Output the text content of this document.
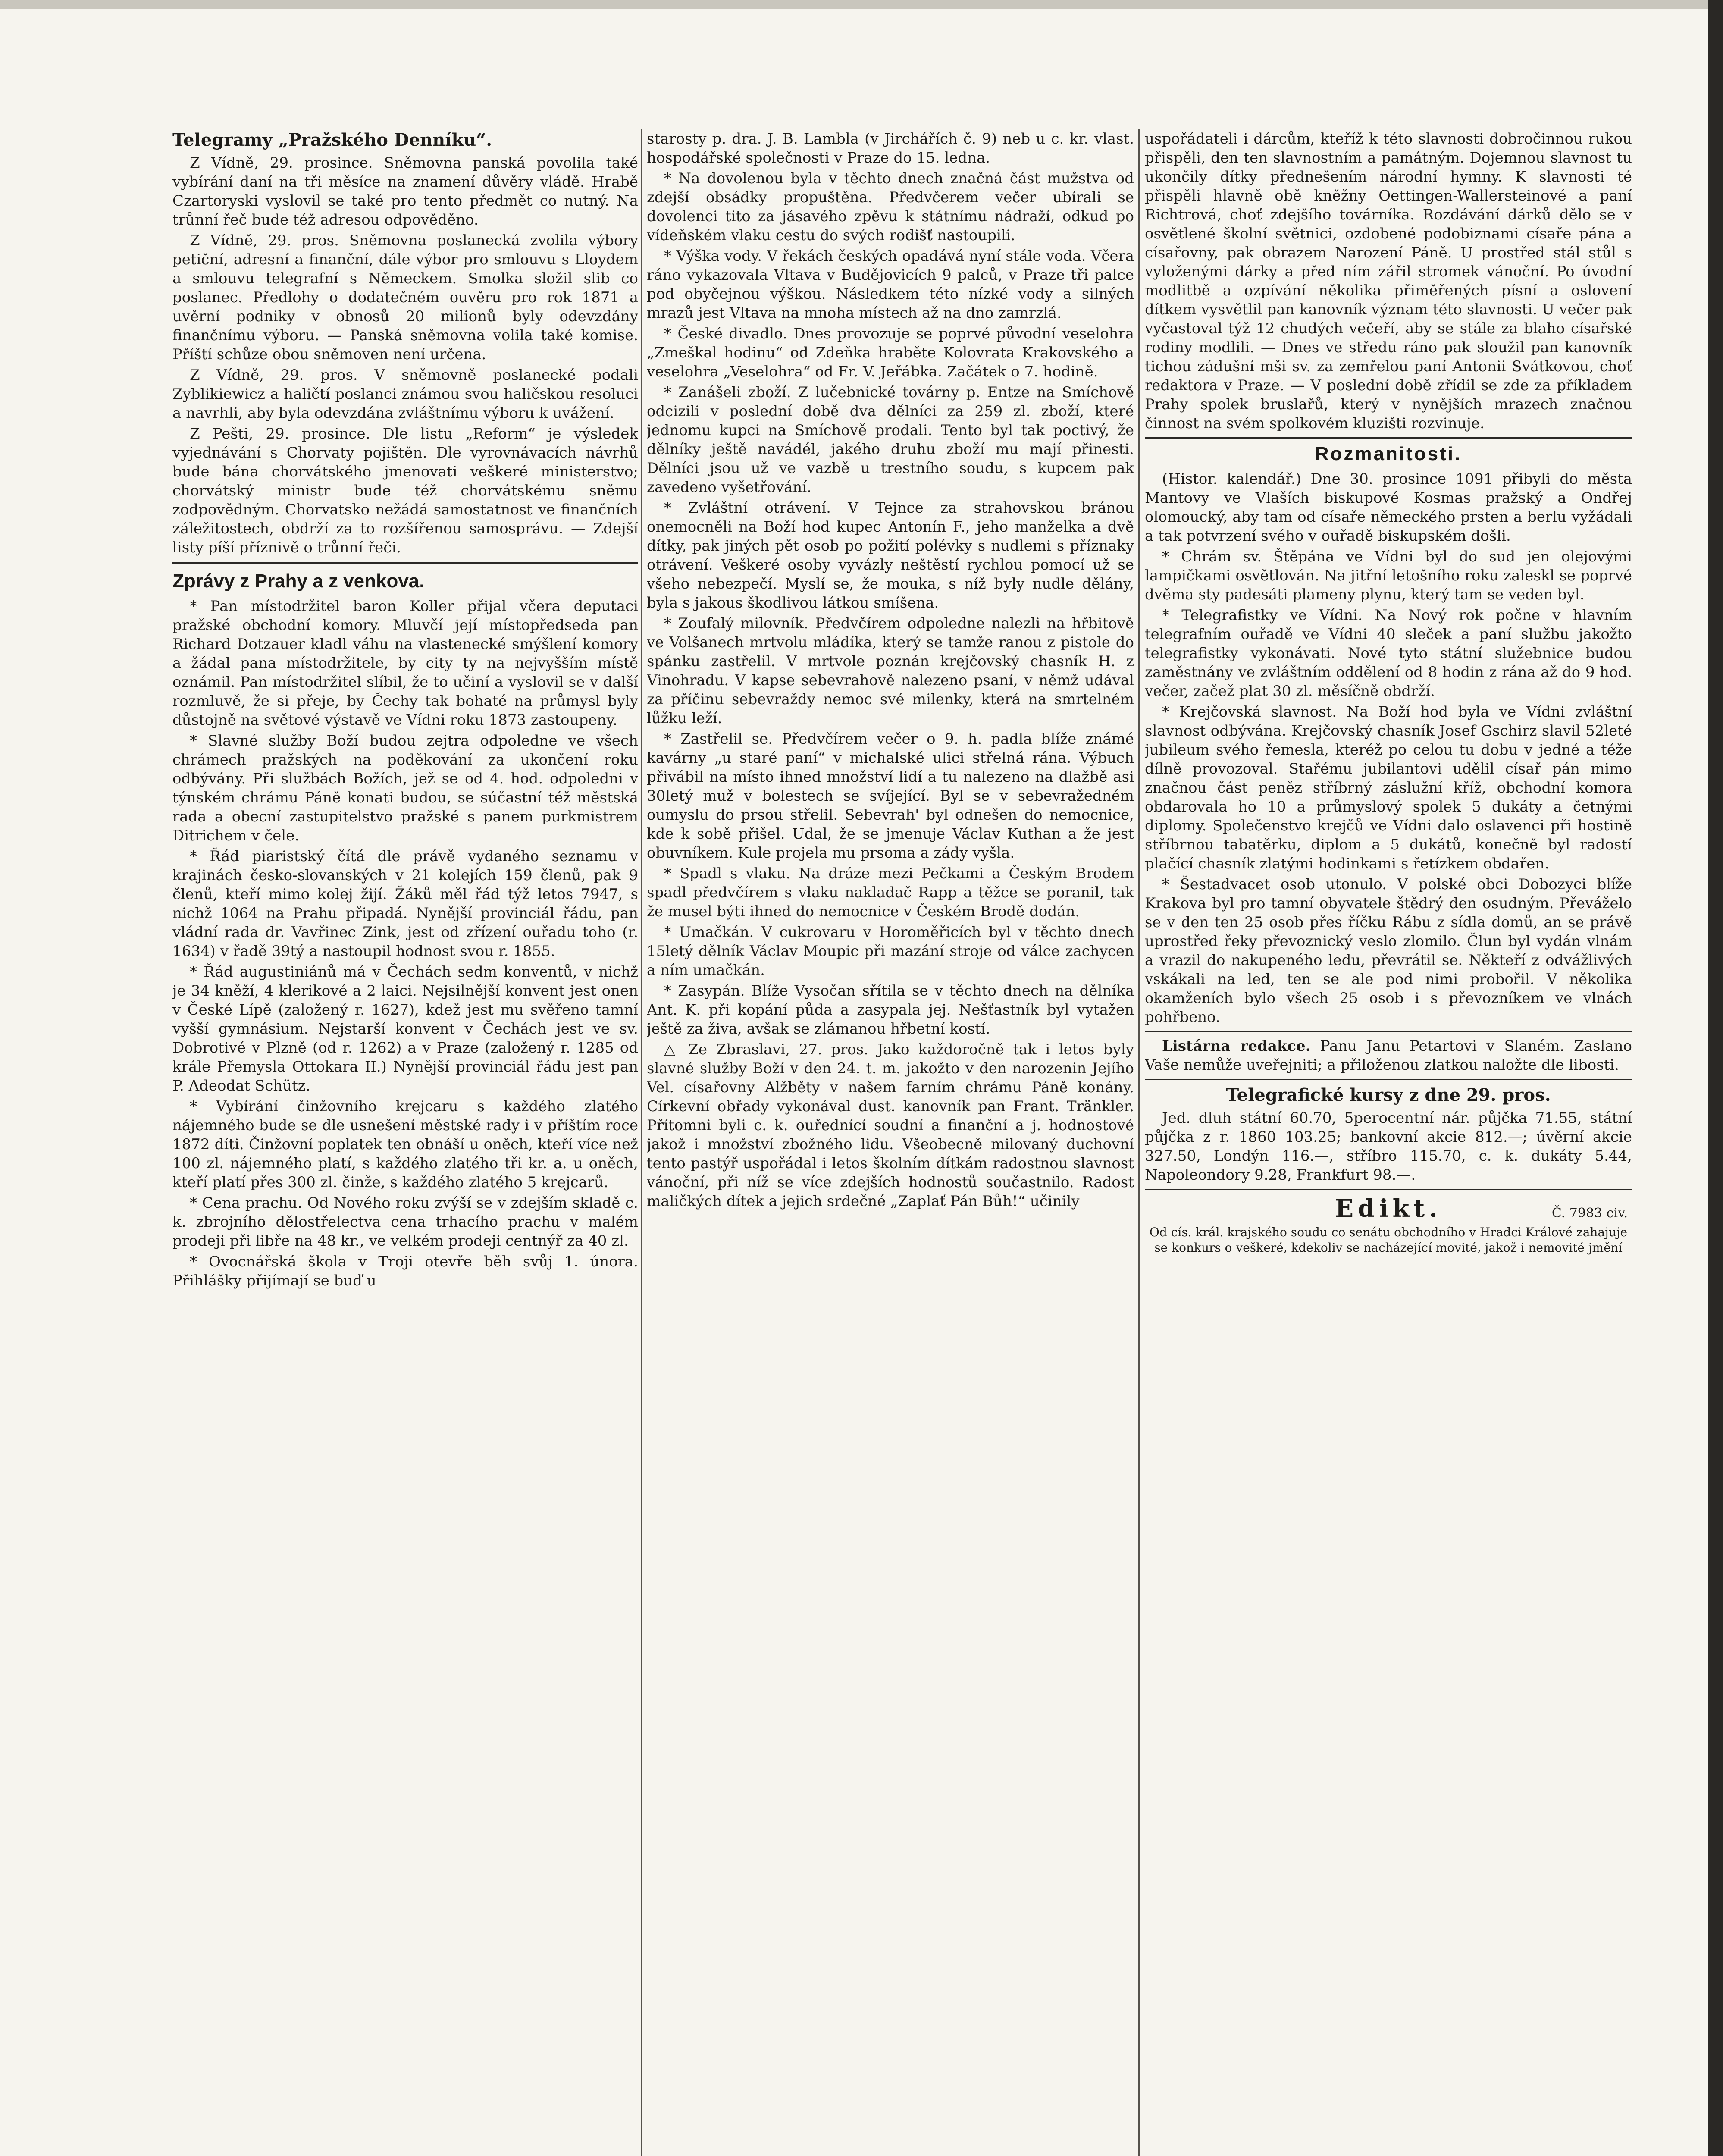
Telegramy „Pražského Denníku“.

Z Vídně, 29. prosince. Sněmovna panská povolila také vybírání daní na tři měsíce na znamení důvěry vládě. Hrabě Czartoryski vyslovil se také pro tento předmět co nutný. Na trůnní řeč bude též adresou odpověděno.

Z Vídně, 29. pros. Sněmovna poslanecká zvolila výbory petiční, adresní a finanční, dále výbor pro smlouvu s Lloydem a smlouvu telegrafní s Německem. Smolka složil slib co poslanec. Předlohy o dodatečném ouvěru pro rok 1871 a uvěrní podniky v obnosů 20 milionů byly odevzdány finančnímu výboru. — Panská sněmovna volila také komise. Příští schůze obou sněmoven není určena.

Z Vídně, 29. pros. V sněmovně poslanecké podali Zyblikiewicz a haličtí poslanci známou svou haličskou resoluci a navrhli, aby byla odevzdána zvláštnímu výboru k uvážení.

Z Pešti, 29. prosince. Dle listu „Reform“ je výsledek vyjednávání s Chorvaty pojištěn. Dle vyrovnávacích návrhů bude bána chorvátského jmenovati veškeré ministerstvo; chorvátský ministr bude též chorvátskému sněmu zodpovědným. Chorvatsko nežádá samostatnost ve finančních záležitostech, obdrží za to rozšířenou samosprávu. — Zdejší listy píší příznivě o trůnní řeči.

Zprávy z Prahy a z venkova.

* Pan místodržitel baron Koller přijal včera deputaci pražské obchodní komory. Mluvčí její místopředseda pan Richard Dotzauer kladl váhu na vlastenecké smýšlení komory a žádal pana místodržitele, by city ty na nejvyšším místě oznámil. Pan místodržitel slíbil, že to učiní a vyslovil se v další rozmluvě, že si přeje, by Čechy tak bohaté na průmysl byly důstojně na světové výstavě ve Vídni roku 1873 zastoupeny.

* Slavné služby Boží budou zejtra odpoledne ve všech chrámech pražských na poděkování za ukončení roku odbývány. Při službách Božích, jež se od 4. hod. odpoledni v týnském chrámu Páně konati budou, se súčastní též městská rada a obecní zastupitelstvo pražské s panem purkmistrem Ditrichem v čele.

* Řád piaristský čítá dle právě vydaného seznamu v krajinách česko-slovanských v 21 kolejích 159 členů, pak 9 členů, kteří mimo kolej žijí. Žáků měl řád týž letos 7947, s nichž 1064 na Prahu připadá. Nynější provinciál řádu, pan vládní rada dr. Vavřinec Zink, jest od zřízení ouřadu toho (r. 1634) v řadě 39tý a nastoupil hodnost svou r. 1855.

* Řád augustiniánů má v Čechách sedm konventů, v nichž je 34 kněží, 4 klerikové a 2 laici. Nejsilnější konvent jest onen v České Lípě (založený r. 1627), kdež jest mu svěřeno tamní vyšší gymnásium. Nejstarší konvent v Čechách jest ve sv. Dobrotivé v Plzně (od r. 1262) a v Praze (založený r. 1285 od krále Přemysla Ottokara II.) Nynější provinciál řádu jest pan P. Adeodat Schütz.

* Vybírání činžovního krejcaru s každého zlatého nájemného bude se dle usnešení městské rady i v příštím roce 1872 díti. Činžovní poplatek ten obnáší u oněch, kteří více než 100 zl. nájemného platí, s každého zlatého tři kr. a. u oněch, kteří platí přes 300 zl. činže, s každého zlatého 5 krejcarů.

* Cena prachu. Od Nového roku zvýší se v zdejším skladě c. k. zbrojního dělostřelectva cena trhacího prachu v malém prodeji při libře na 48 kr., ve velkém prodeji centnýř za 40 zl.

* Ovocnářská škola v Troji otevře běh svůj 1. února. Přihlášky přijímají se buď u

starosty p. dra. J. B. Lambla (v Jirchářích č. 9) neb u c. kr. vlast. hospodářské společnosti v Praze do 15. ledna.

* Na dovolenou byla v těchto dnech značná část mužstva od zdejší obsádky propuštěna. Předvčerem večer ubírali se dovolenci tito za jásavého zpěvu k státnímu nádraží, odkud po vídeňském vlaku cestu do svých rodišť nastoupili.

* Výška vody. V řekách českých opadává nyní stále voda. Včera ráno vykazovala Vltava v Budějovicích 9 palců, v Praze tři palce pod obyčejnou výškou. Následkem této nízké vody a silných mrazů jest Vltava na mnoha místech až na dno zamrzlá.

* České divadlo. Dnes provozuje se poprvé původní veselohra „Zmeškal hodinu“ od Zdeňka hraběte Kolovrata Krakovského a veselohra „Veselohra“ od Fr. V. Jeřábka. Začátek o 7. hodině.

* Zanášeli zboží. Z lučebnické továrny p. Entze na Smíchově odcizili v poslední době dva dělníci za 259 zl. zboží, které jednomu kupci na Smíchově prodali. Tento byl tak poctivý, že dělníky ještě navádél, jakého druhu zboží mu mají přinesti. Dělníci jsou už ve vazbě u trestního soudu, s kupcem pak zavedeno vyšetřování.

* Zvláštní otrávení. V Tejnce za strahovskou bránou onemocněli na Boží hod kupec Antonín F., jeho manželka a dvě dítky, pak jiných pět osob po požití polévky s nudlemi s příznaky otrávení. Veškeré osoby vyvázly neštěstí rychlou pomocí už se všeho nebezpečí. Myslí se, že mouka, s níž byly nudle dělány, byla s jakous škodlivou látkou smíšena.

* Zoufalý milovník. Předvčírem odpoledne nalezli na hřbitově ve Volšanech mrtvolu mládíka, který se tamže ranou z pistole do spánku zastřelil. V mrtvole poznán krejčovský chasník H. z Vinohradu. V kapse sebevrahově nalezeno psaní, v němž udával za příčinu sebevraždy nemoc své milenky, která na smrtelném lůžku leží.

* Zastřelil se. Předvčírem večer o 9. h. padla blíže známé kavárny „u staré paní“ v michalské ulici střelná rána. Výbuch přivábil na místo ihned množství lidí a tu nalezeno na dlažbě asi 30letý muž v bolestech se svíjející. Byl se v sebevražedném oumyslu do prsou střelil. Sebevrah' byl odnešen do nemocnice, kde k sobě přišel. Udal, že se jmenuje Václav Kuthan a že jest obuvníkem. Kule projela mu prsoma a zády vyšla.

* Spadl s vlaku. Na dráze mezi Pečkami a Českým Brodem spadl předvčírem s vlaku nakladač Rapp a těžce se poranil, tak že musel býti ihned do nemocnice v Českém Brodě dodán.

* Umačkán. V cukrovaru v Horoměřicích byl v těchto dnech 15letý dělník Václav Moupic při mazání stroje od válce zachycen a ním umačkán.

* Zasypán. Blíže Vysočan sřítila se v těchto dnech na dělníka Ant. K. při kopání půda a zasypala jej. Nešťastník byl vytažen ještě za živa, avšak se zlámanou hřbetní kostí.

△ Ze Zbraslavi, 27. pros. Jako každoročně tak i letos byly slavné služby Boží v den 24. t. m. jakožto v den narozenin Jejího Vel. císařovny Alžběty v našem farním chrámu Páně konány. Církevní obřady vykonával dust. kanovník pan Frant. Tränkler. Přítomni byli c. k. ouřednící soudní a finanční a j. hodnostové jakož i množství zbožného lidu. Všeobecně milovaný duchovní tento pastýř uspořádal i letos školním dítkám radostnou slavnost vánoční, při níž se více zdejších hodnostů součastnilo. Radost maličkých dítek a jejich srdečné „Zaplať Pán Bůh!“ učinily

uspořádateli i dárcům, kteříž k této slavnosti dobročinnou rukou přispěli, den ten slavnostním a památným. Dojemnou slavnost tu ukončily dítky přednešením národní hymny. K slavnosti té přispěli hlavně obě kněžny Oettingen-Wallersteinové a paní Richtrová, choť zdejšího továrníka. Rozdávání dárků dělo se v osvětlené školní světnici, ozdobené podobiznami císaře pána a císařovny, pak obrazem Narození Páně. U prostřed stál stůl s vyloženými dárky a před ním zářil stromek vánoční. Po úvodní modlitbě a ozpívání několika přiměřených písní a oslovení dítkem vysvětlil pan kanovník význam této slavnosti. U večer pak vyčastoval týž 12 chudých večeří, aby se stále za blaho císařské rodiny modlili. — Dnes ve středu ráno pak sloužil pan kanovník tichou zádušní mši sv. za zemřelou paní Antonii Svátkovou, choť redaktora v Praze. — V poslední době zřídil se zde za příkladem Prahy spolek bruslařů, který v nynějších mrazech značnou činnost na svém spolkovém kluzišti rozvinuje.

Rozmanitosti.

(Histor. kalendář.) Dne 30. prosince 1091 přibyli do města Mantovy ve Vlaších biskupové Kosmas pražský a Ondřej olomoucký, aby tam od císaře německého prsten a berlu vyžádali a tak potvrzení svého v ouřadě biskupském došli.

* Chrám sv. Štěpána ve Vídni byl do sud jen olejovými lampičkami osvětlován. Na jitřní letošního roku zaleskl se poprvé dvěma sty padesáti plameny plynu, který tam se veden byl.

* Telegrafistky ve Vídni. Na Nový rok počne v hlavním telegrafním ouřadě ve Vídni 40 sleček a paní službu jakožto telegrafistky vykonávati. Nové tyto státní služebnice budou zaměstnány ve zvláštním oddělení od 8 hodin z rána až do 9 hod. večer, začež plat 30 zl. měsíčně obdrží.

* Krejčovská slavnost. Na Boží hod byla ve Vídni zvláštní slavnost odbývána. Krejčovský chasník Josef Gschirz slavil 52leté jubileum svého řemesla, kteréž po celou tu dobu v jedné a téže dílně provozoval. Stařému jubilantovi udělil císař pán mimo značnou část peněz stříbrný záslužní kříž, obchodní komora obdarovala ho 10 a průmyslový spolek 5 dukáty a četnými diplomy. Společenstvo krejčů ve Vídni dalo oslavenci při hostině stříbrnou tabatěrku, diplom a 5 dukátů, konečně byl radostí plačící chasník zlatými hodinkami s řetízkem obdařen.

* Šestadvacet osob utonulo. V polské obci Dobozyci blíže Krakova byl pro tamní obyvatele štědrý den osudným. Převáželo se v den ten 25 osob přes říčku Rábu z sídla domů, an se právě uprostřed řeky převoznický veslo zlomilo. Člun byl vydán vlnám a vrazil do nakupeného ledu, převrátil se. Někteří z odvážlivých vskákali na led, ten se ale pod nimi probořil. V několika okamženích bylo všech 25 osob i s převozníkem ve vlnách pohřbeno.

Listárna redakce. Panu Janu Petartovi v Slaném. Zaslano Vaše nemůže uveřejniti; a přiloženou zlatkou naložte dle libosti.

Telegrafické kursy z dne 29. pros.

Jed. dluh státní 60.70, 5perocentní nár. půjčka 71.55, státní půjčka z r. 1860 103.25; bankovní akcie 812.—; úvěrní akcie 327.50, Londýn 116.—, stříbro 115.70, c. k. dukáty 5.44, Napoleondory 9.28, Frankfurt 98.—.

Edikt.	Č. 7983 civ.
Od cís. král. krajského soudu co senátu obchodního v Hradci Králové zahajuje se konkurs o veškeré, kdekoliv se nacházející movité, jakož i nemovité jmění
